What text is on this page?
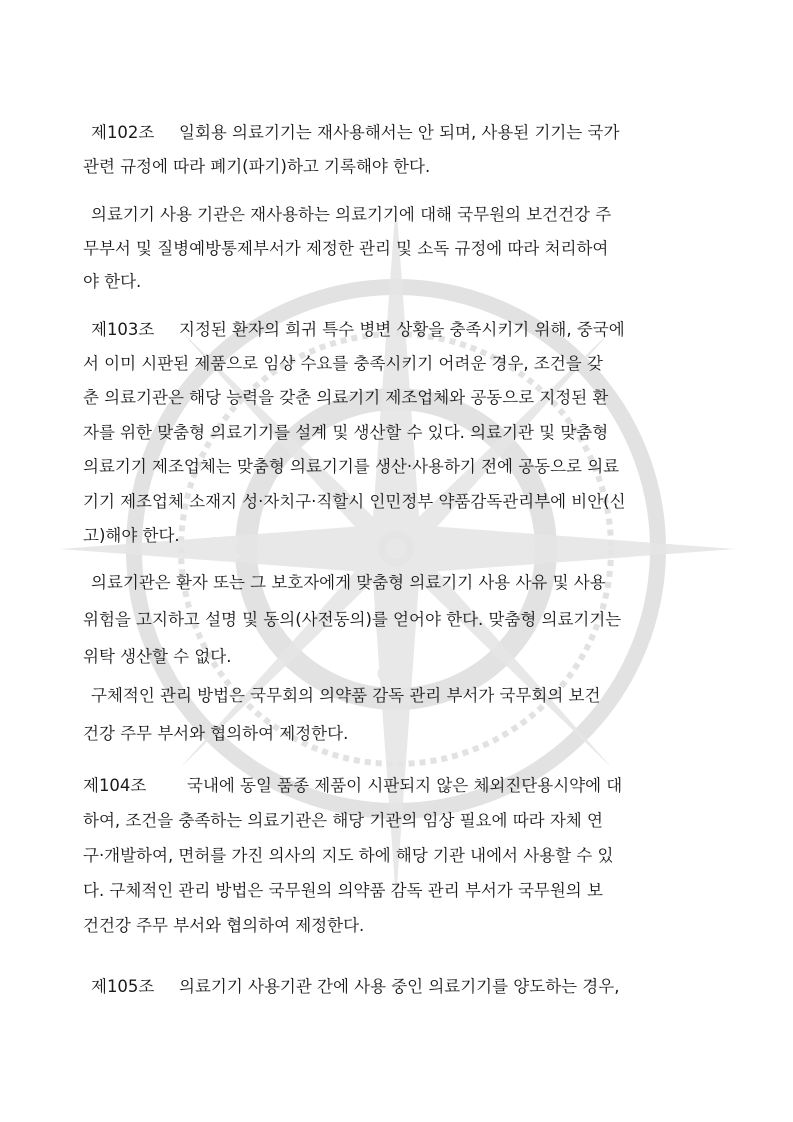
제102조 일회용 의료기기는 재사용해서는 안 되며, 사용된 기기는 국가
관련 규정에 따라 폐기(파기)하고 기록해야 한다.
의료기기 사용 기관은 재사용하는 의료기기에 대해 국무원의 보건건강 주
무부서 및 질병예방통제부서가 제정한 관리 및 소독 규정에 따라 처리하여
야 한다.
제103조 지정된 환자의 희귀 특수 병변 상황을 충족시키기 위해, 중국에
서 이미 시판된 제품으로 임상 수요를 충족시키기 어려운 경우, 조건을 갖
춘 의료기관은 해당 능력을 갖춘 의료기기 제조업체와 공동으로 지정된 환
자를 위한 맞춤형 의료기기를 설계 및 생산할 수 있다. 의료기관 및 맞춤형
의료기기 제조업체는 맞춤형 의료기기를 생산·사용하기 전에 공동으로 의료
기기 제조업체 소재지 성·자치구·직할시 인민정부 약품감독관리부에 비안(신
고)해야 한다.
의료기관은 환자 또는 그 보호자에게 맞춤형 의료기기 사용 사유 및 사용
위험을 고지하고 설명 및 동의(사전동의)를 얻어야 한다. 맞춤형 의료기기는
위탁 생산할 수 없다.
구체적인 관리 방법은 국무회의 의약품 감독 관리 부서가 국무회의 보건
건강 주무 부서와 협의하여 제정한다.
제104조 국내에 동일 품종 제품이 시판되지 않은 체외진단용시약에 대
하여, 조건을 충족하는 의료기관은 해당 기관의 임상 필요에 따라 자체 연
구·개발하여, 면허를 가진 의사의 지도 하에 해당 기관 내에서 사용할 수 있
다. 구체적인 관리 방법은 국무원의 의약품 감독 관리 부서가 국무원의 보
건건강 주무 부서와 협의하여 제정한다.
제105조 의료기기 사용기관 간에 사용 중인 의료기기를 양도하는 경우,
